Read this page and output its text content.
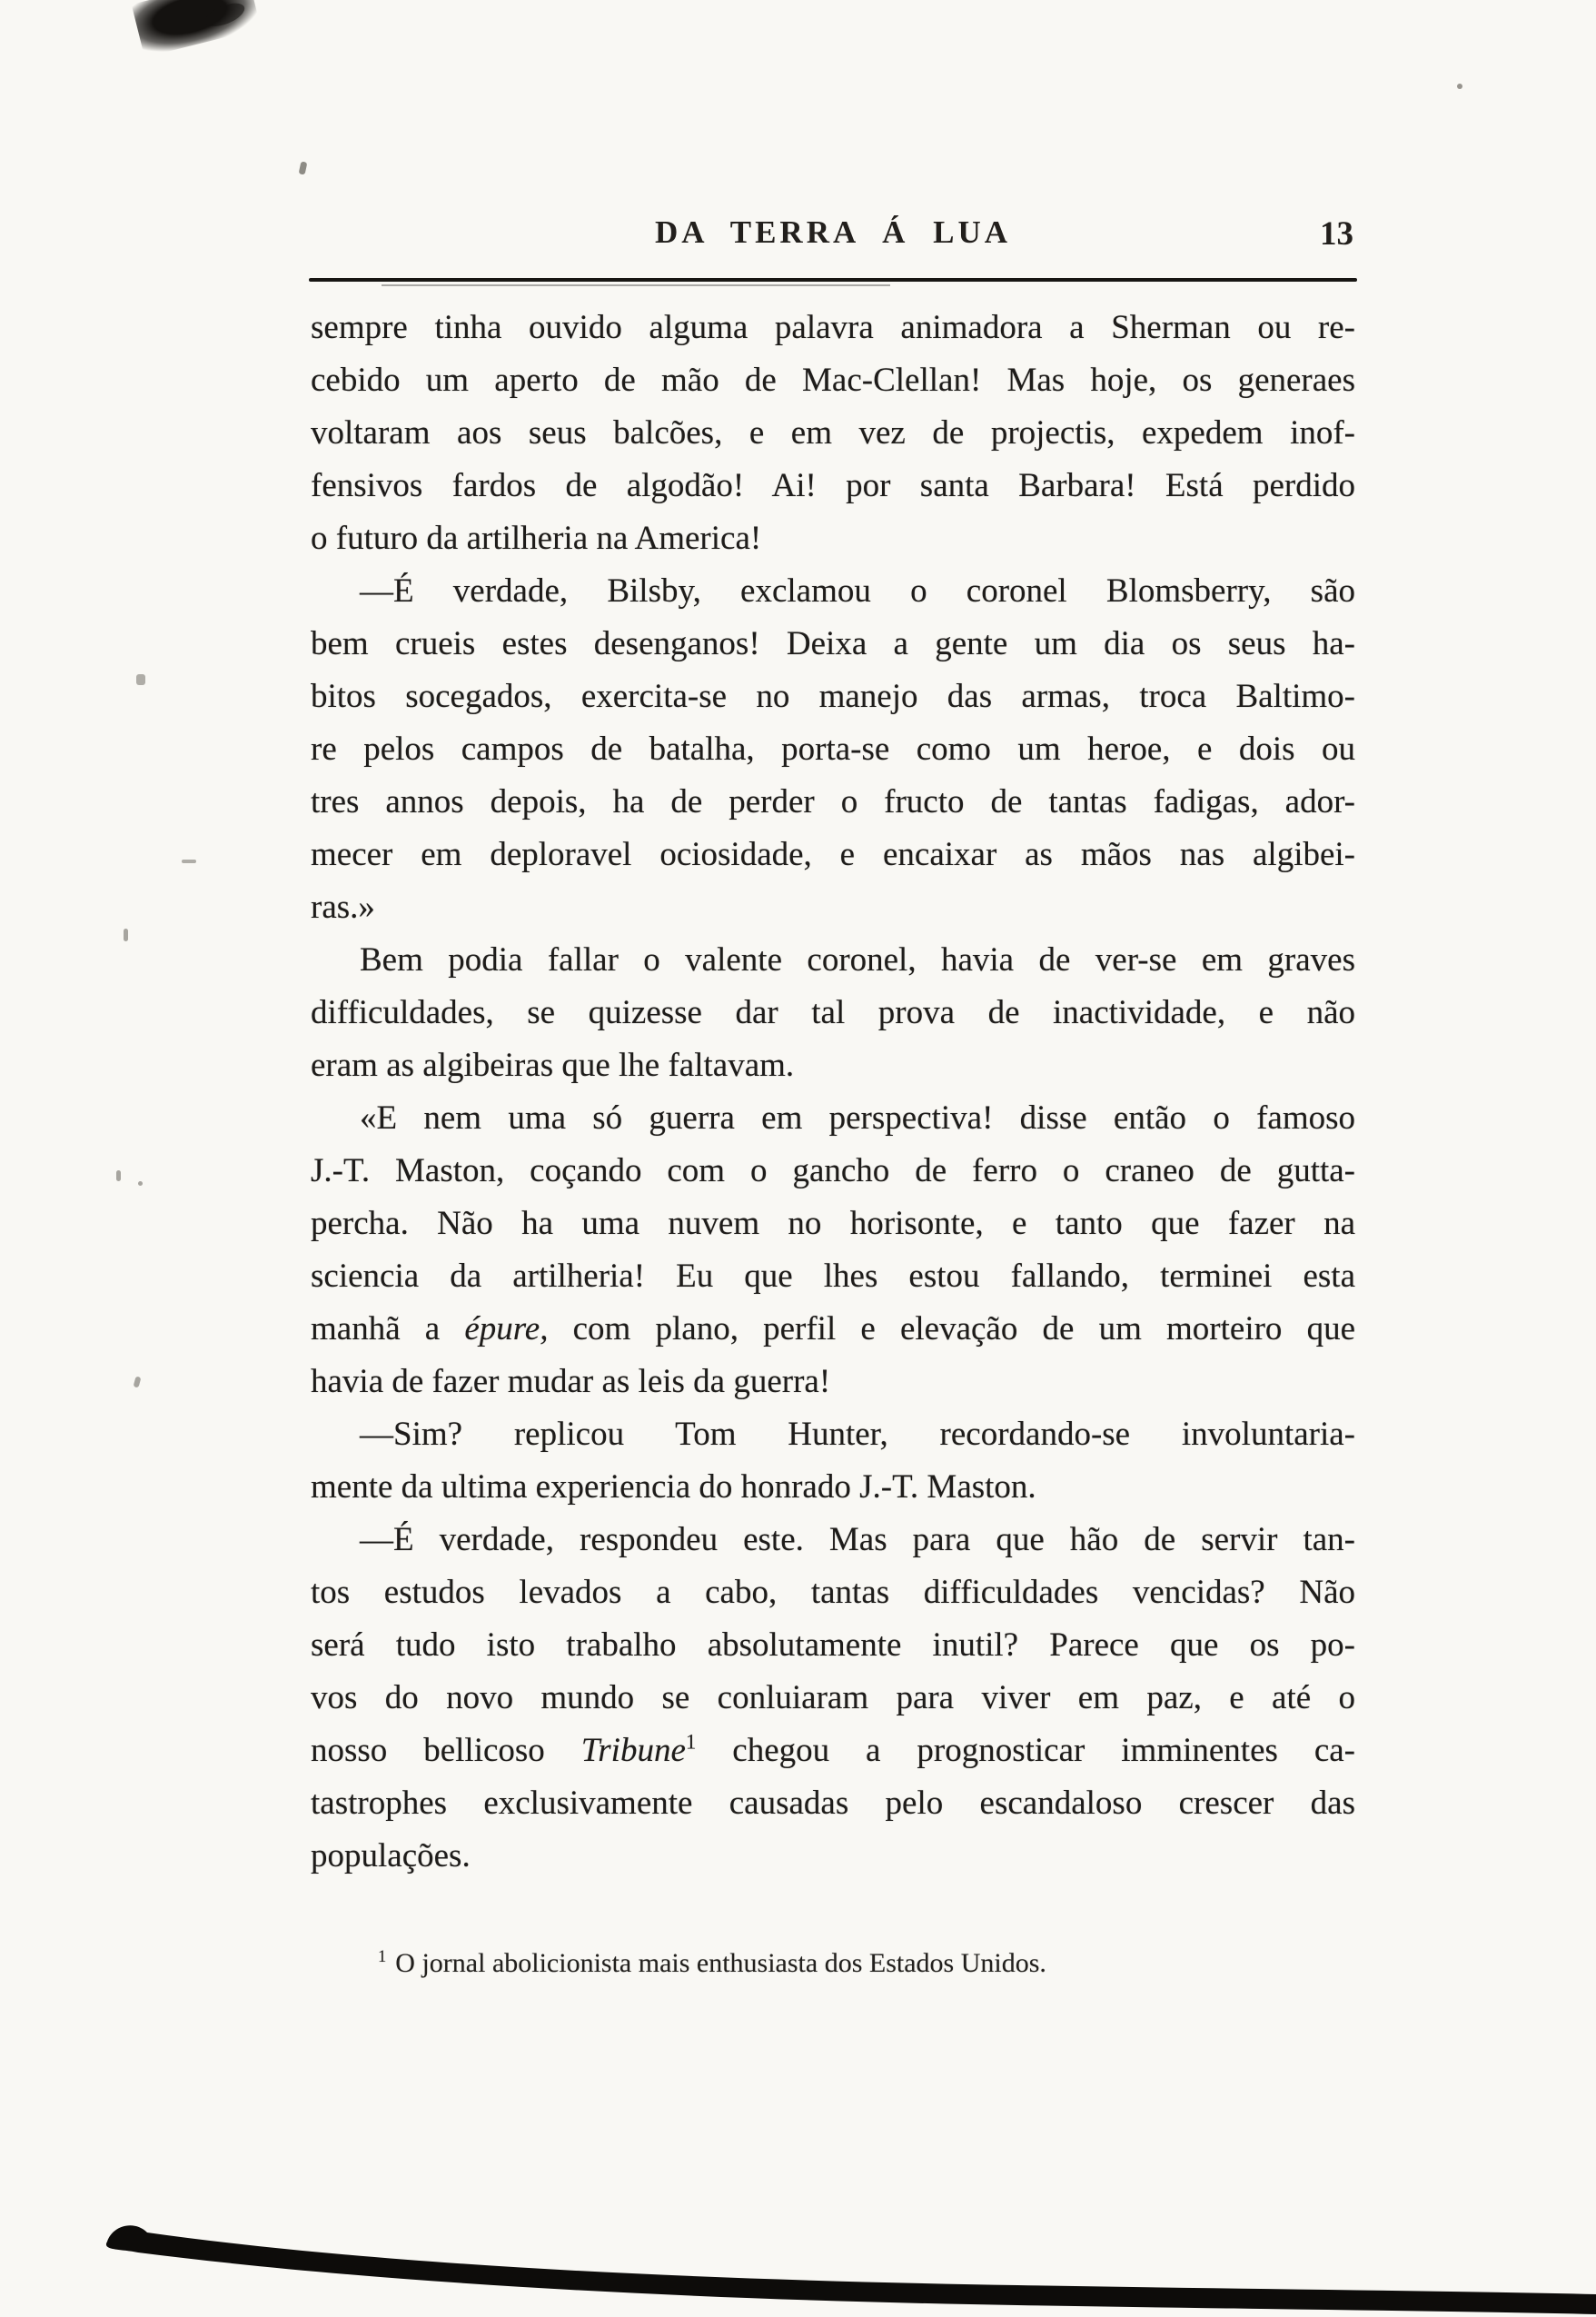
DA TERRA Á LUA	13
sempre tinha ouvido alguma palavra animadora a Sherman ou re-
cebido um aperto de mão de Mac-Clellan! Mas hoje, os generaes
voltaram aos seus balcões, e em vez de projectis, expedem inof-
fensivos fardos de algodão! Ai! por santa Barbara! Está perdido
o futuro da artilheria na America!
—É verdade, Bilsby, exclamou o coronel Blomsberry, são
bem crueis estes desenganos! Deixa a gente um dia os seus ha-
bitos socegados, exercita-se no manejo das armas, troca Baltimo-
re pelos campos de batalha, porta-se como um heroe, e dois ou
tres annos depois, ha de perder o fructo de tantas fadigas, ador-
mecer em deploravel ociosidade, e encaixar as mãos nas algibei-
ras.»
Bem podia fallar o valente coronel, havia de ver-se em graves
difficuldades, se quizesse dar tal prova de inactividade, e não
eram as algibeiras que lhe faltavam.
«E nem uma só guerra em perspectiva! disse então o famoso
J.-T. Maston, coçando com o gancho de ferro o craneo de gutta-
percha. Não ha uma nuvem no horisonte, e tanto que fazer na
sciencia da artilheria! Eu que lhes estou fallando, terminei esta
manhã a épure, com plano, perfil e elevação de um morteiro que
havia de fazer mudar as leis da guerra!
—Sim? replicou Tom Hunter, recordando-se involuntaria-
mente da ultima experiencia do honrado J.-T. Maston.
—É verdade, respondeu este. Mas para que hão de servir tan-
tos estudos levados a cabo, tantas difficuldades vencidas? Não
será tudo isto trabalho absolutamente inutil? Parece que os po-
vos do novo mundo se conluiaram para viver em paz, e até o
nosso bellicoso Tribune$^1$ chegou a prognosticar imminentes ca-
tastrophes exclusivamente causadas pelo escandaloso crescer das
populações.
$^1$ O jornal abolicionista mais enthusiasta dos Estados Unidos.
